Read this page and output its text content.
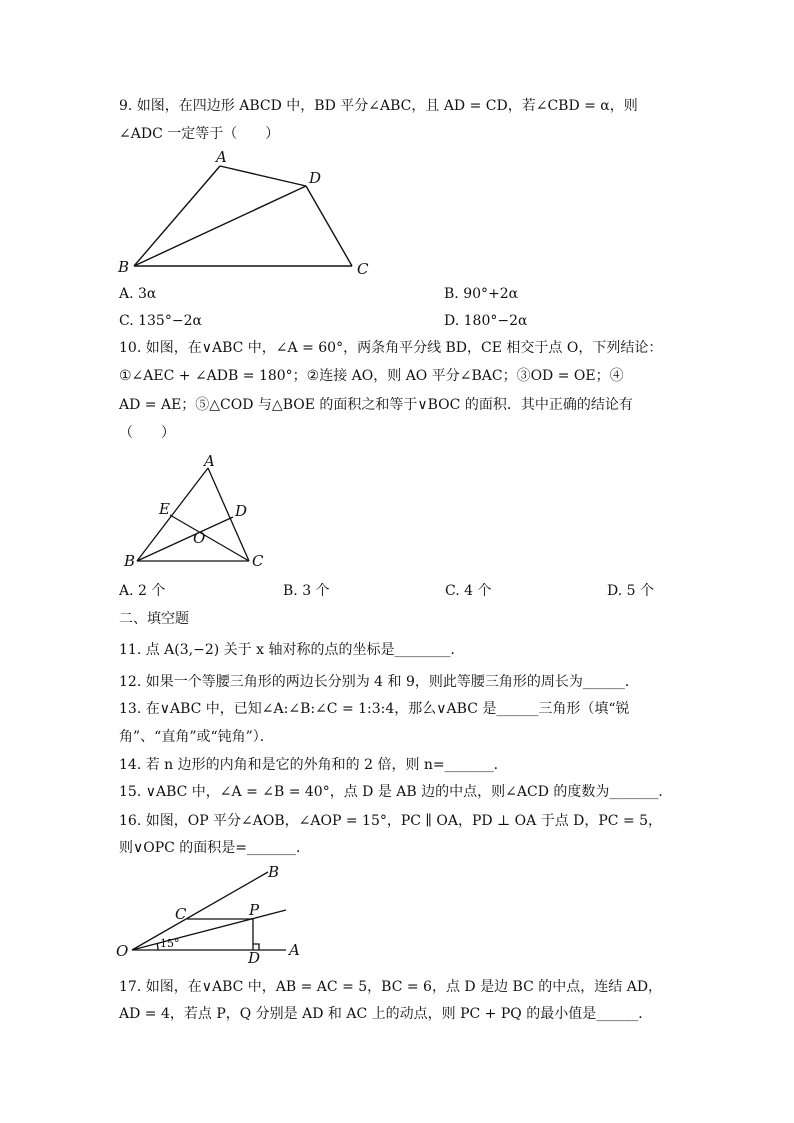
9. 如图，在四边形 ABCD 中，BD 平分∠ABC，且 AD = CD，若∠CBD = α，则
∠ADC 一定等于（　　）
A
B	C
D
A. 3α	B. 90°+2α
C. 135°−2α	D. 180°−2α
10. 如图，在∨ABC 中，∠A = 60°，两条角平分线 BD，CE 相交于点 O，下列结论：
①∠AEC + ∠ADB = 180°；②连接 AO，则 AO 平分∠BAC；③OD = OE；④
AD = AE；⑤△COD 与△BOE 的面积之和等于∨BOC 的面积．其中正确的结论有
（　　）
A
B	C
D
E
O
A. 2 个	B. 3 个	C. 4 个	D. 5 个
二、填空题
11. 点 A(3,−2) 关于 x 轴对称的点的坐标是________．
12. 如果一个等腰三角形的两边长分别为 4 和 9，则此等腰三角形的周长为______．
13. 在∨ABC 中，已知∠A:∠B:∠C = 1:3:4，那么∨ABC 是______三角形（填“锐
角”、“直角”或“钝角”）．
14. 若 n 边形的内角和是它的外角和的 2 倍，则 n=_______．
15. ∨ABC 中，∠A = ∠B = 40°，点 D 是 AB 边的中点，则∠ACD 的度数为_______．
16. 如图，OP 平分∠AOB，∠AOP = 15°，PC ∥ OA，PD ⊥ OA 于点 D，PC = 5，
则∨OPC 的面积是=_______．
O	A
B
C	P
D
15°
17. 如图，在∨ABC 中，AB = AC = 5，BC = 6，点 D 是边 BC 的中点，连结 AD，
AD = 4，若点 P，Q 分别是 AD 和 AC 上的动点，则 PC + PQ 的最小值是______．
